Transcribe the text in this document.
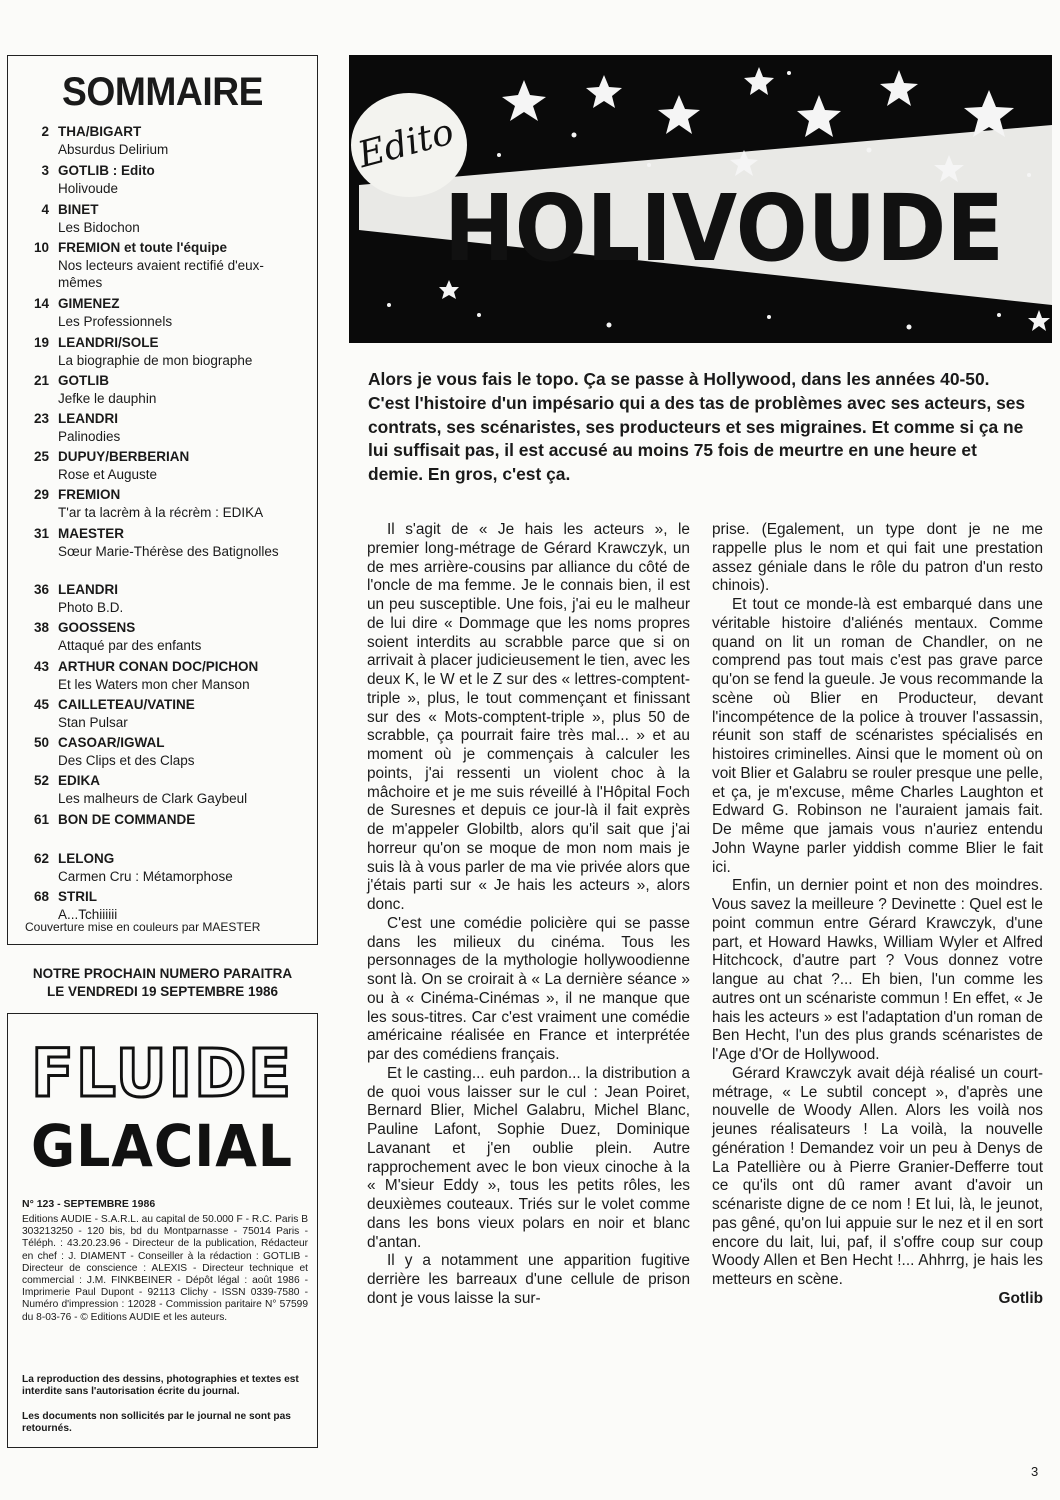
SOMMAIRE
2 THA/BIGART
Absurdus Delirium
3 GOTLIB : Edito
Holivoude
4 BINET
Les Bidochon
10 FREMION et toute l'équipe
Nos lecteurs avaient rectifié d'eux-mêmes
14 GIMENEZ
Les Professionnels
19 LEANDRI/SOLE
La biographie de mon biographe
21 GOTLIB
Jefke le dauphin
23 LEANDRI
Palinodies
25 DUPUY/BERBERIAN
Rose et Auguste
29 FREMION
T'ar ta lacrèm à la récrèm : EDIKA
31 MAESTER
Sœur Marie-Thérèse des Batignolles
36 LEANDRI
Photo B.D.
38 GOOSSENS
Attaqué par des enfants
43 ARTHUR CONAN DOC/PICHON
Et les Waters mon cher Manson
45 CAILLETEAU/VATINE
Stan Pulsar
50 CASOAR/IGWAL
Des Clips et des Claps
52 EDIKA
Les malheurs de Clark Gaybeul
61 BON DE COMMANDE
62 LELONG
Carmen Cru : Métamorphose
68 STRIL
A...Tchiiiiii
Couverture mise en couleurs par MAESTER
NOTRE PROCHAIN NUMERO PARAITRA
LE VENDREDI 19 SEPTEMBRE 1986
FLUIDE
GLACIAL
N° 123 - SEPTEMBRE 1986
Editions AUDIE - S.A.R.L. au capital de 50.000 F - R.C. Paris B 303213250 - 120 bis, bd du Montparnasse - 75014 Paris - Téléph. : 43.20.23.96 - Directeur de la publication, Rédacteur en chef : J. DIAMENT - Conseiller à la rédaction : GOTLIB - Directeur de conscience : ALEXIS - Directeur technique et commercial : J.M. FINKBEINER - Dépôt légal : août 1986 - Imprimerie Paul Dupont - 92113 Clichy - ISSN 0339-7580 - Numéro d'impression : 12028 - Commission paritaire N° 57599 du 8-03-76 - © Editions AUDIE et les auteurs.
La reproduction des dessins, photographies et textes est interdite sans l'autorisation écrite du journal.
Les documents non sollicités par le journal ne sont pas retournés.
Edito
HOLIVOUDE
Alors je vous fais le topo. Ça se passe à Hollywood, dans les années 40-50. C'est l'histoire d'un impésario qui a des tas de problèmes avec ses acteurs, ses contrats, ses scénaristes, ses producteurs et ses migraines. Et comme si ça ne lui suffisait pas, il est accusé au moins 75 fois de meurtre en une heure et demie. En gros, c'est ça.

Il s'agit de « Je hais les acteurs », le premier long-métrage de Gérard Krawczyk, un de mes arrière-cousins par alliance du côté de l'oncle de ma femme. Je le connais bien, il est un peu susceptible. Une fois, j'ai eu le malheur de lui dire « Dommage que les noms propres soient interdits au scrabble parce que si on arrivait à placer judicieusement le tien, avec les deux K, le W et le Z sur des « lettres-comptent-triple », plus, le tout commençant et finissant sur des « Mots-comptent-triple », plus 50 de scrabble, ça pourrait faire très mal... » et au moment où je commençais à calculer les points, j'ai ressenti un violent choc à la mâchoire et je me suis réveillé à l'Hôpital Foch de Suresnes et depuis ce jour-là il fait exprès de m'appeler Globiltb, alors qu'il sait que j'ai horreur qu'on se moque de mon nom mais je suis là à vous parler de ma vie privée alors que j'étais parti sur « Je hais les acteurs », alors donc.

C'est une comédie policière qui se passe dans les milieux du cinéma. Tous les personnages de la mythologie hollywoodienne sont là. On se croirait à « La dernière séance » ou à « Cinéma-Cinémas », il ne manque que les sous-titres. Car c'est vraiment une comédie américaine réalisée en France et interprétée par des comédiens français.

Et le casting... euh pardon... la distribution a de quoi vous laisser sur le cul : Jean Poiret, Bernard Blier, Michel Galabru, Michel Blanc, Pauline Lafont, Sophie Duez, Dominique Lavanant et j'en oublie plein. Autre rapprochement avec le bon vieux cinoche à la « M'sieur Eddy », tous les petits rôles, les deuxièmes couteaux. Triés sur le volet comme dans les bons vieux polars en noir et blanc d'antan.

Il y a notamment une apparition fugitive derrière les barreaux d'une cellule de prison dont je vous laisse la sur-

prise. (Egalement, un type dont je ne me rappelle plus le nom et qui fait une prestation assez géniale dans le rôle du patron d'un resto chinois).

Et tout ce monde-là est embarqué dans une véritable histoire d'aliénés mentaux. Comme quand on lit un roman de Chandler, on ne comprend pas tout mais c'est pas grave parce qu'on se fend la gueule. Je vous recommande la scène où Blier en Producteur, devant l'incompétence de la police à trouver l'assassin, réunit son staff de scénaristes spécialisés en histoires criminelles. Ainsi que le moment où on voit Blier et Galabru se rouler presque une pelle, et ça, je m'excuse, même Charles Laughton et Edward G. Robinson ne l'auraient jamais fait. De même que jamais vous n'auriez entendu John Wayne parler yiddish comme Blier le fait ici.

Enfin, un dernier point et non des moindres. Vous savez la meilleure ? Devinette : Quel est le point commun entre Gérard Krawczyk, d'une part, et Howard Hawks, William Wyler et Alfred Hitchcock, d'autre part ? Vous donnez votre langue au chat ?... Eh bien, l'un comme les autres ont un scénariste commun ! En effet, « Je hais les acteurs » est l'adaptation d'un roman de Ben Hecht, l'un des plus grands scénaristes de l'Age d'Or de Hollywood.

Gérard Krawczyk avait déjà réalisé un court-métrage, « Le subtil concept », d'après une nouvelle de Woody Allen. Alors les voilà nos jeunes réalisateurs ! La voilà, la nouvelle génération ! Demandez voir un peu à Denys de La Patellière ou à Pierre Granier-Defferre tout ce qu'ils ont dû ramer avant d'avoir un scénariste digne de ce nom ! Et lui, là, le jeunot, pas gêné, qu'on lui appuie sur le nez et il en sort encore du lait, lui, paf, il s'offre coup sur coup Woody Allen et Ben Hecht !... Ahhrrg, je hais les metteurs en scène.

Gotlib

3
